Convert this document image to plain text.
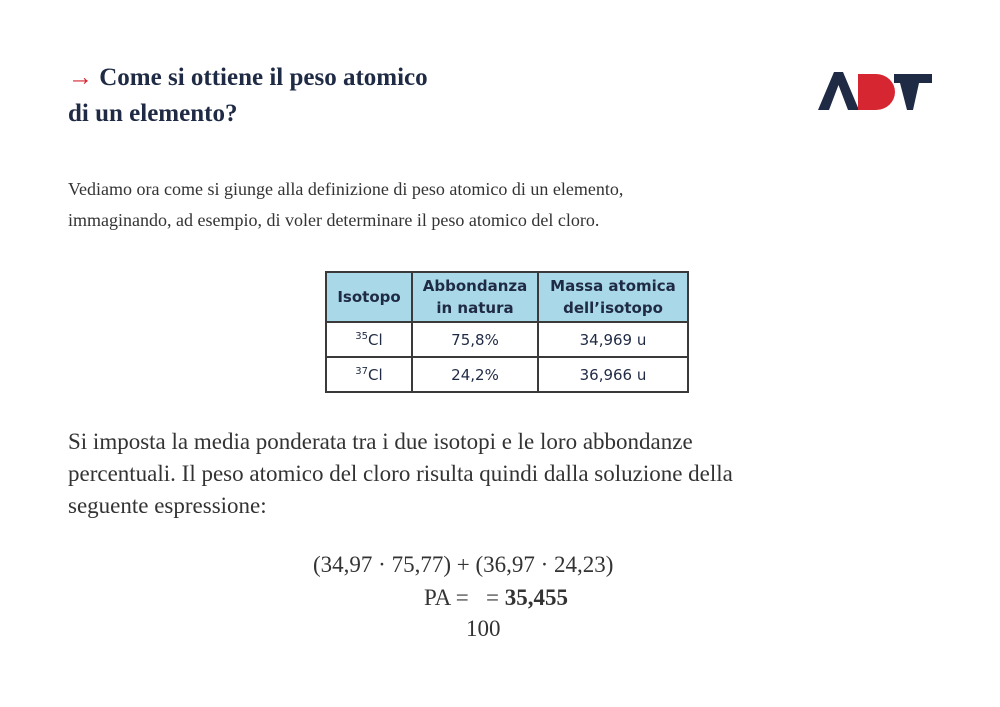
→ Come si ottiene il peso atomico
di un elemento?
Vediamo ora come si giunge alla definizione di peso atomico di un elemento,
immaginando, ad esempio, di voler determinare il peso atomico del cloro.
Isotopo	Abbondanza in natura	Massa atomica dell’isotopo
$^{35}$Cl	75,8%	34,969 u
$^{37}$Cl	24,2%	36,966 u
Si imposta la media ponderata tra i due isotopi e le loro abbondanze
percentuali. Il peso atomico del cloro risulta quindi dalla soluzione della
seguente espressione:
(34,97 · 75,77) + (36,97 · 24,23)
PA = = 35,455
100
